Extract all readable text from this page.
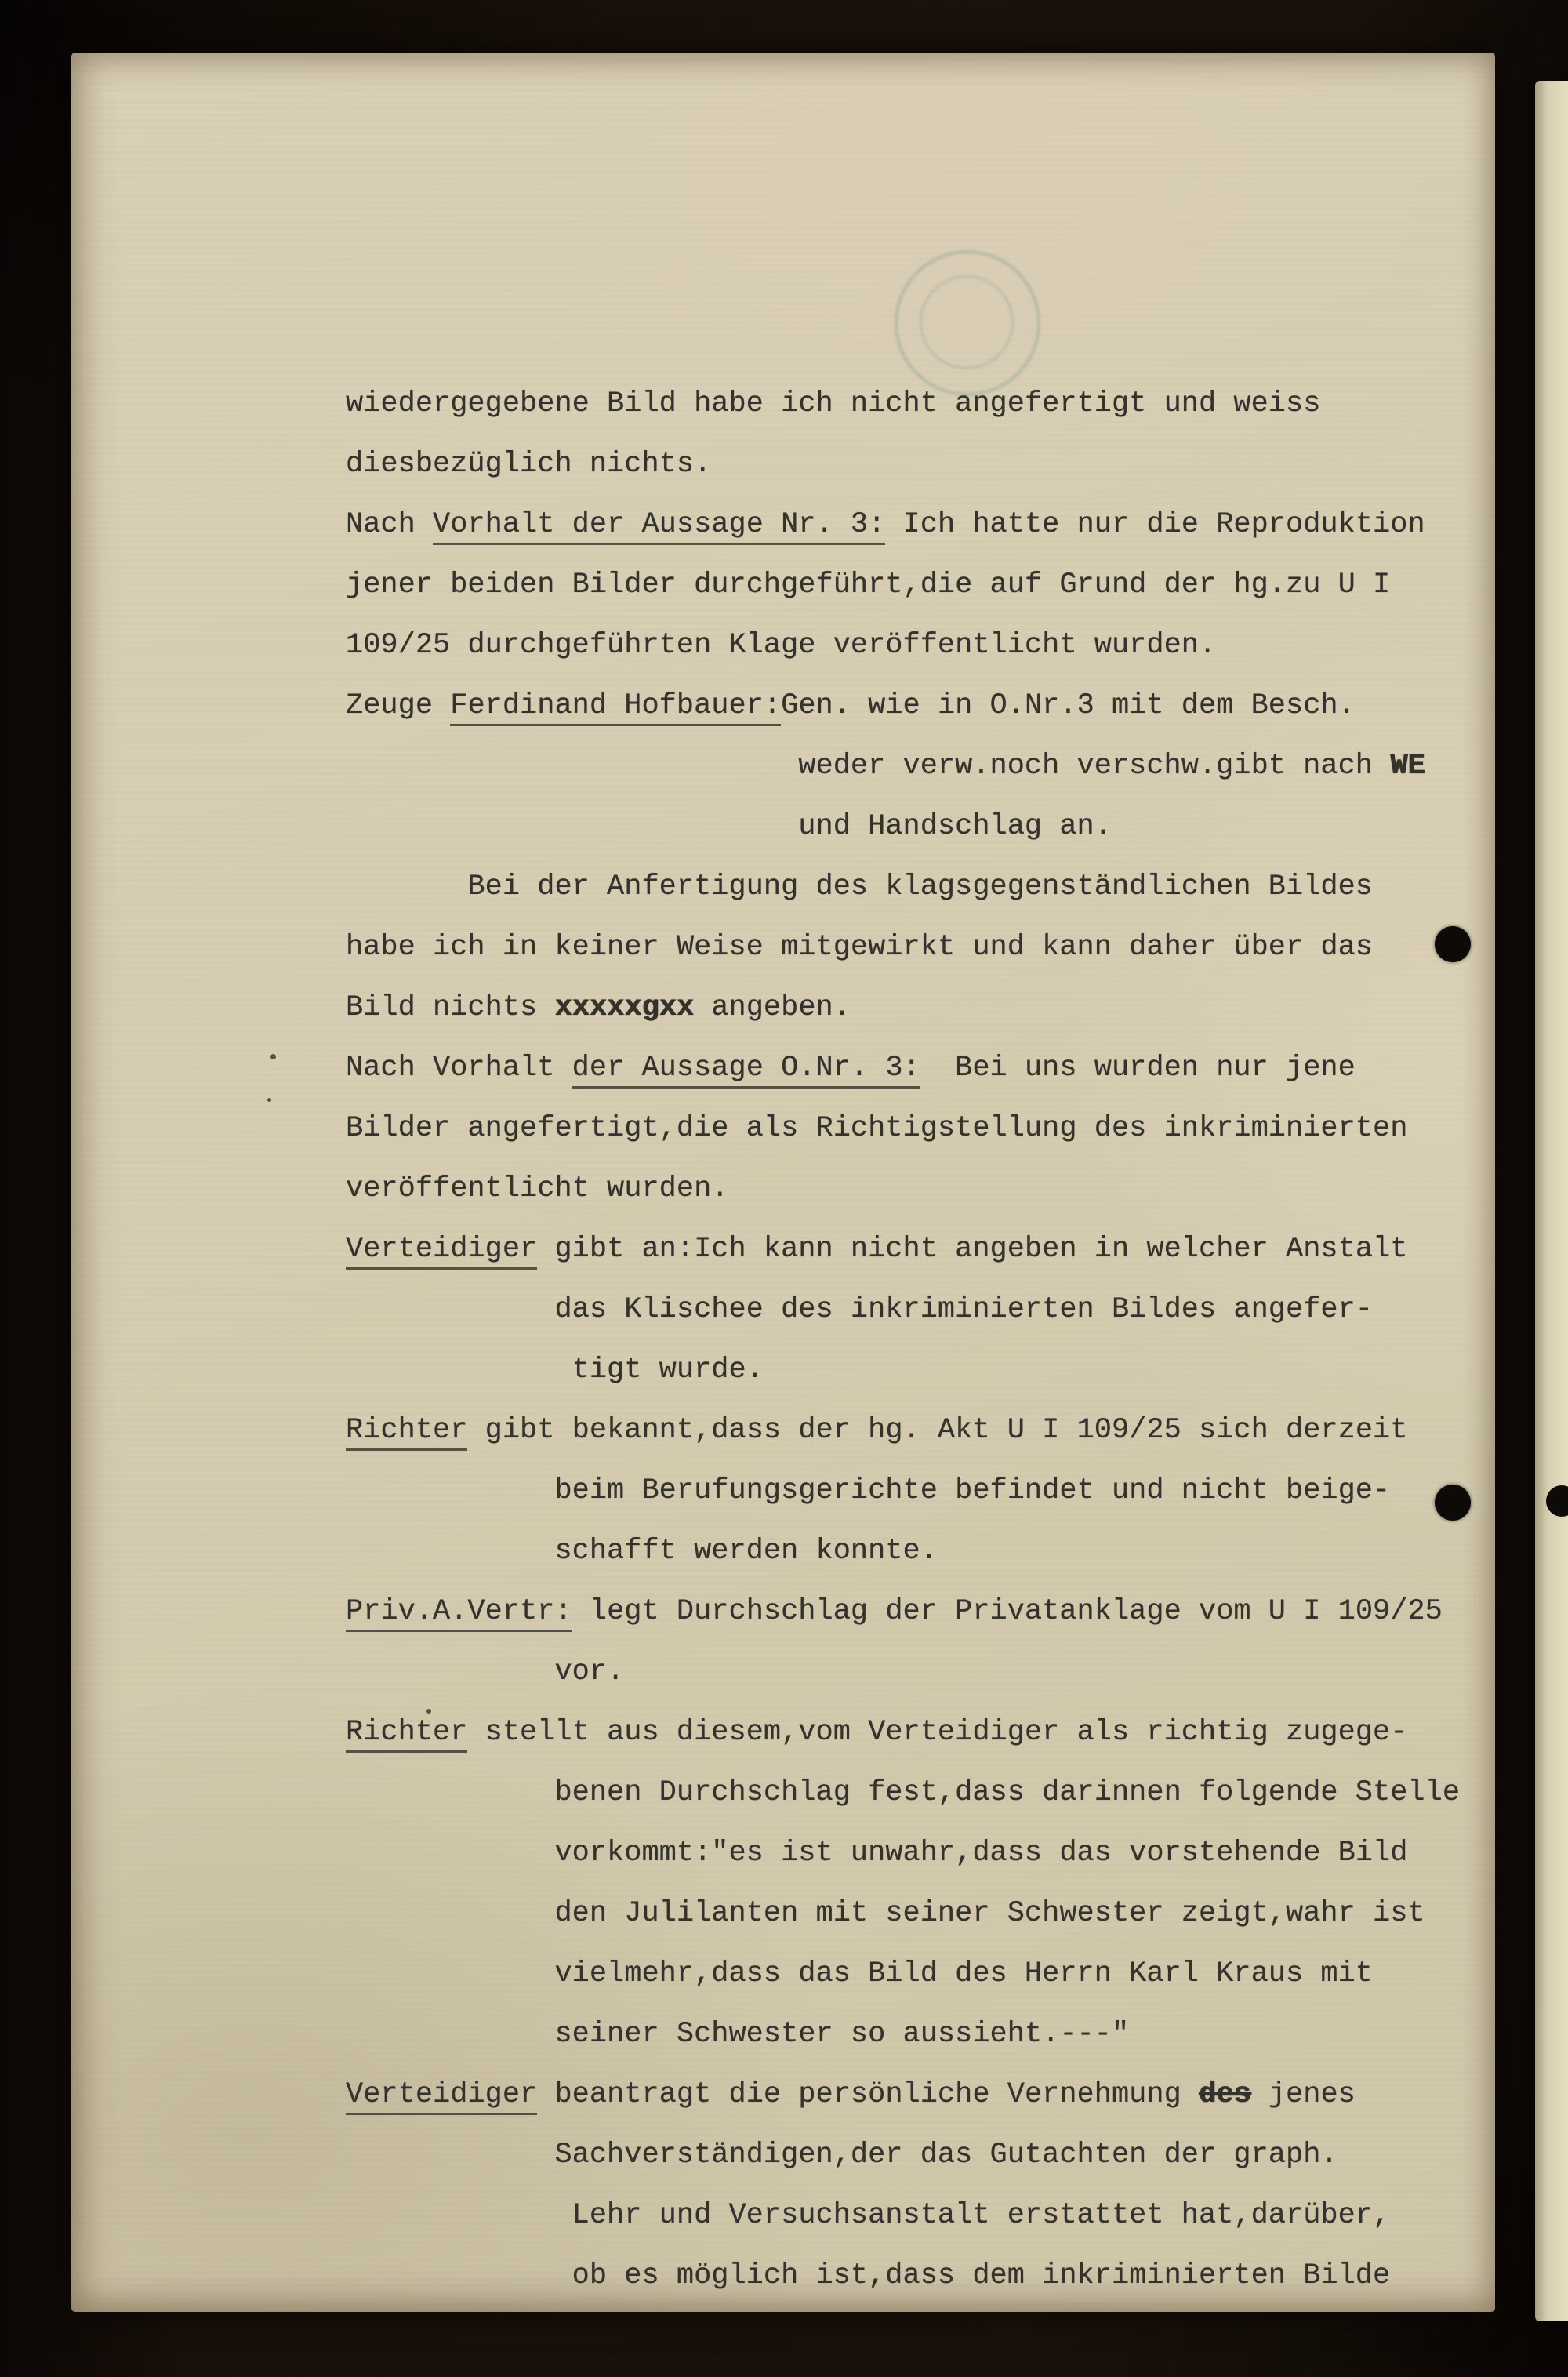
wiedergegebene Bild habe ich nicht angefertigt und weiss
diesbezüglich nichts.
Nach Vorhalt der Aussage Nr. 3: Ich hatte nur die Reproduktion
jener beiden Bilder durchgeführt,die auf Grund der hg.zu U I
109/25 durchgeführten Klage veröffentlicht wurden.
Zeuge Ferdinand Hofbauer:Gen. wie in O.Nr.3 mit dem Besch.
weder verw.noch verschw.gibt nach WE
und Handschlag an.
Bei der Anfertigung des klagsgegenständlichen Bildes
habe ich in keiner Weise mitgewirkt und kann daher über das
Bild nichts xxxxxgxx angeben.
Nach Vorhalt der Aussage O.Nr. 3:  Bei uns wurden nur jene
Bilder angefertigt,die als Richtigstellung des inkriminierten
veröffentlicht wurden.
Verteidiger gibt an:Ich kann nicht angeben in welcher Anstalt
das Klischee des inkriminierten Bildes angefer-
tigt wurde.
Richter gibt bekannt,dass der hg. Akt U I 109/25 sich derzeit
beim Berufungsgerichte befindet und nicht beige-
schafft werden konnte.
Priv.A.Vertr: legt Durchschlag der Privatanklage vom U I 109/25
vor.
Richter stellt aus diesem,vom Verteidiger als richtig zugege-
benen Durchschlag fest,dass darinnen folgende Stelle
vorkommt:"es ist unwahr,dass das vorstehende Bild
den Julilanten mit seiner Schwester zeigt,wahr ist
vielmehr,dass das Bild des Herrn Karl Kraus mit
seiner Schwester so aussieht.---"
Verteidiger beantragt die persönliche Vernehmung des jenes
Sachverständigen,der das Gutachten der graph.
Lehr und Versuchsanstalt erstattet hat,darüber,
ob es möglich ist,dass dem inkriminierten Bilde
